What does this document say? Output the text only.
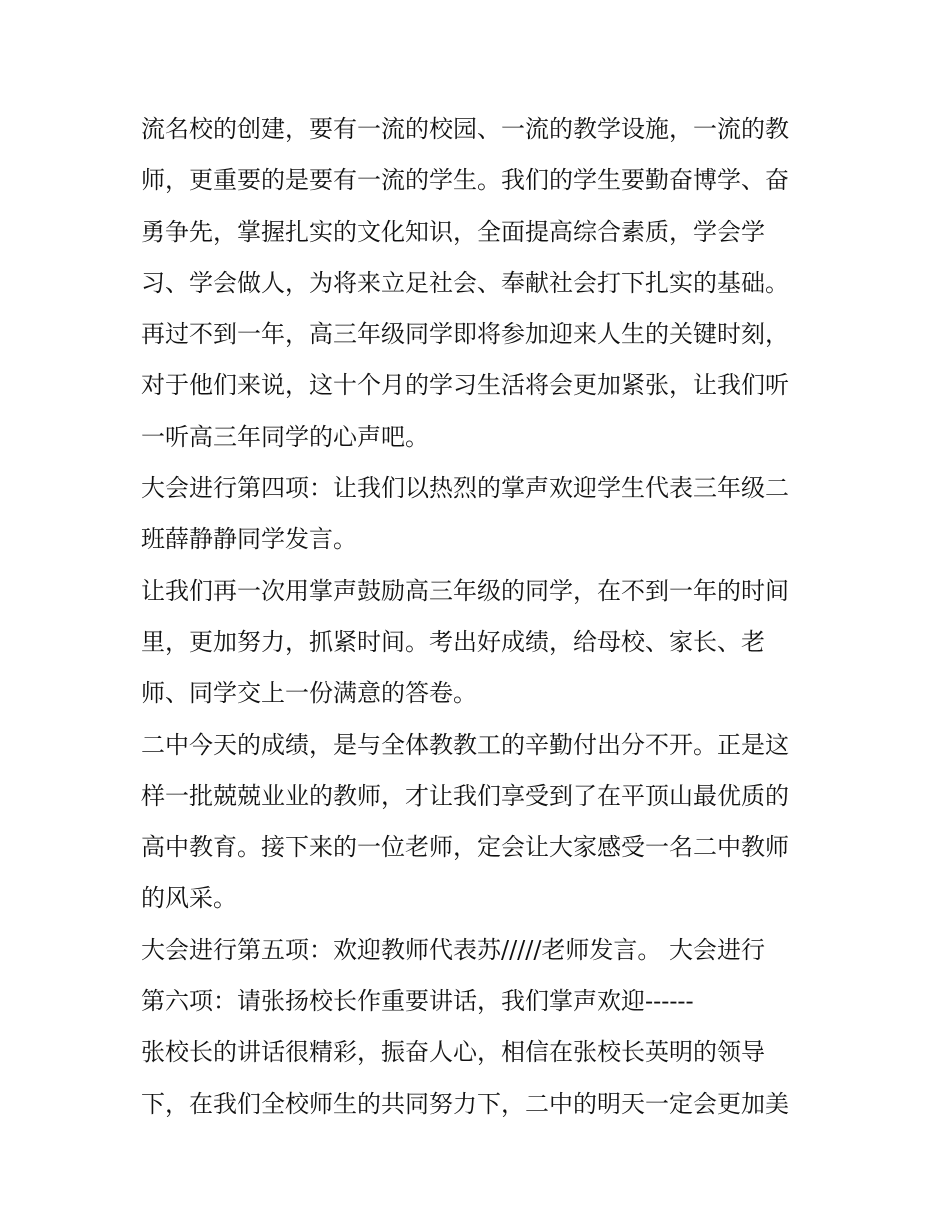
流名校的创建，要有一流的校园、一流的教学设施，一流的教
师，更重要的是要有一流的学生。我们的学生要勤奋博学、奋
勇争先，掌握扎实的文化知识，全面提高综合素质，学会学
习、学会做人，为将来立足社会、奉献社会打下扎实的基础。
再过不到一年，高三年级同学即将参加迎来人生的关键时刻，
对于他们来说，这十个月的学习生活将会更加紧张，让我们听
一听高三年同学的心声吧。
大会进行第四项：让我们以热烈的掌声欢迎学生代表三年级二
班薛静静同学发言。
让我们再一次用掌声鼓励高三年级的同学，在不到一年的时间
里，更加努力，抓紧时间。考出好成绩，给母校、家长、老
师、同学交上一份满意的答卷。
二中今天的成绩，是与全体教教工的辛勤付出分不开。正是这
样一批兢兢业业的教师，才让我们享受到了在平顶山最优质的
高中教育。接下来的一位老师，定会让大家感受一名二中教师
的风采。
大会进行第五项：欢迎教师代表苏/////老师发言。 大会进行
第六项：请张扬校长作重要讲话，我们掌声欢迎------
张校长的讲话很精彩，振奋人心，相信在张校长英明的领导
下，在我们全校师生的共同努力下，二中的明天一定会更加美
